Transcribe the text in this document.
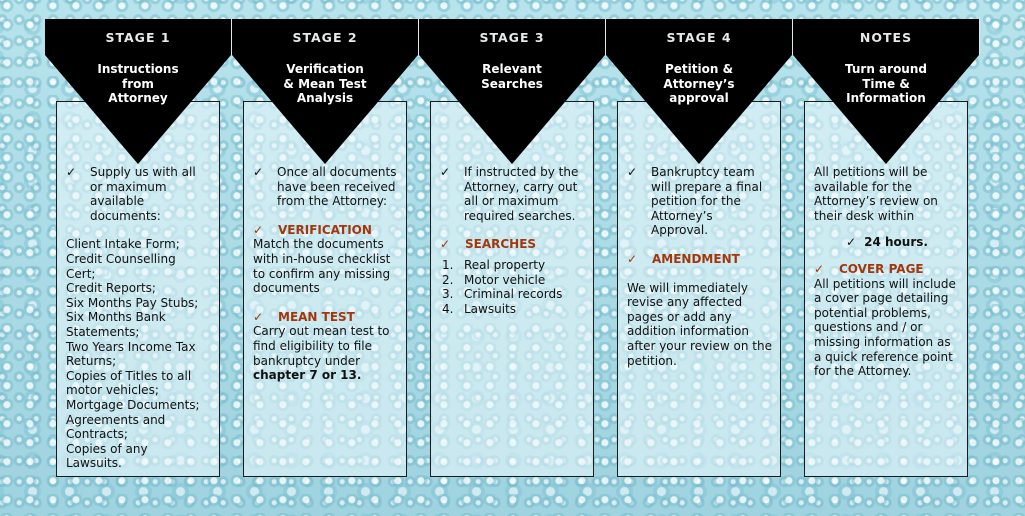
STAGE 1
Instructions
from
Attorney
✓	Supply us with all or maximum available documents:
Client Intake Form;
Credit Counselling Cert;
Credit Reports;
Six Months Pay Stubs;
Six Months Bank Statements;
Two Years Income Tax Returns;
Copies of Titles to all motor vehicles;
Mortgage Documents;
Agreements and Contracts;
Copies of any Lawsuits.
STAGE 2
Verification
& Mean Test
Analysis
✓	Once all documents have been received from the Attorney:
✓	VERIFICATION

Match the documents with in-house checklist to confirm any missing documents

✓	MEAN TEST

Carry out mean test to find eligibility to file bankruptcy under chapter 7 or 13.

STAGE 3
Relevant
Searches
✓	If instructed by the Attorney, carry out all or maximum required searches.
✓	SEARCHES
1. Real property
2. Motor vehicle
3. Criminal records
4. Lawsuits
STAGE 4
Petition &
Attorney’s
approval
✓	Bankruptcy team will prepare a final petition for the Attorney’s Approval.
✓	AMENDMENT

We will immediately revise any affected pages or add any addition information after your review on the petition.

NOTES
Turn around
Time &
Information

All petitions will be available for the Attorney’s review on their desk within

✓ 24 hours.
✓	COVER PAGE

All petitions will include a cover page detailing potential problems, questions and / or missing information as a quick reference point for the Attorney.
